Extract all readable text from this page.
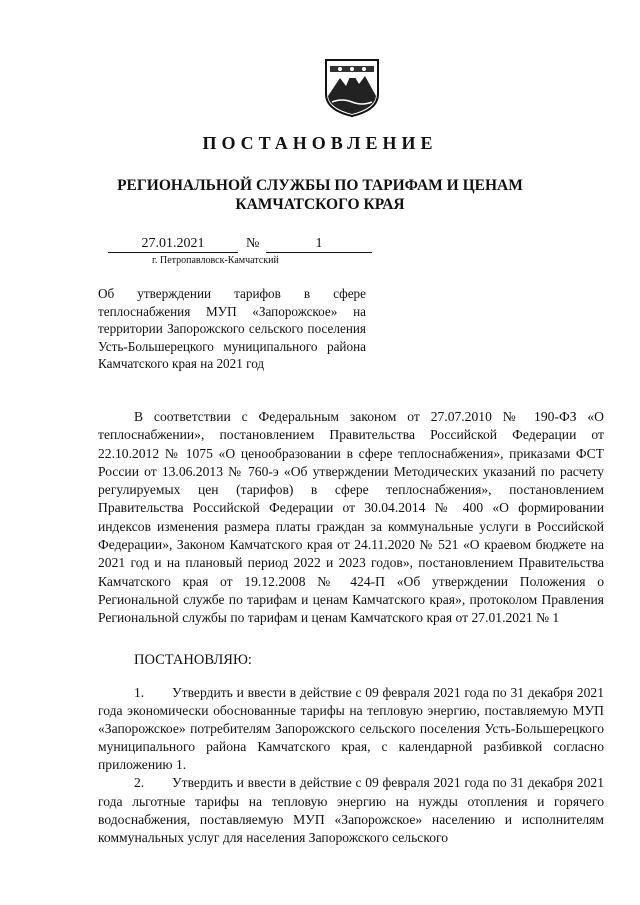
ПОСТАНОВЛЕНИЕ
РЕГИОНАЛЬНОЙ СЛУЖБЫ ПО ТАРИФАМ И ЦЕНАМ
КАМЧАТСКОГО КРАЯ
27.01.2021	№	1
г. Петропавловск-Камчатский
Об утверждении тарифов в сфере теплоснабжения МУП «Запорожское» на территории Запорожского сельского поселения Усть-Большерецкого муниципального района Камчатского края на 2021 год

В соответствии с Федеральным законом от 27.07.2010 № 190-ФЗ «О теплоснабжении», постановлением Правительства Российской Федерации от 22.10.2012 № 1075 «О ценообразовании в сфере теплоснабжения», приказами ФСТ России от 13.06.2013 № 760-э «Об утверждении Методических указаний по расчету регулируемых цен (тарифов) в сфере теплоснабжения», постановлением Правительства Российской Федерации от 30.04.2014 № 400 «О формировании индексов изменения размера платы граждан за коммунальные услуги в Российской Федерации», Законом Камчатского края от 24.11.2020 № 521 «О краевом бюджете на 2021 год и на плановый период 2022 и 2023 годов», постановлением Правительства Камчатского края от 19.12.2008 № 424-П «Об утверждении Положения о Региональной службе по тарифам и ценам Камчатского края», протоколом Правления Региональной службы по тарифам и ценам Камчатского края от 27.01.2021 № 1

ПОСТАНОВЛЯЮ:

1. Утвердить и ввести в действие с 09 февраля 2021 года по 31 декабря 2021 года экономически обоснованные тарифы на тепловую энергию, поставляемую МУП «Запорожское» потребителям Запорожского сельского поселения Усть-Большерецкого муниципального района Камчатского края, с календарной разбивкой согласно приложению 1.

2. Утвердить и ввести в действие с 09 февраля 2021 года по 31 декабря 2021 года льготные тарифы на тепловую энергию на нужды отопления и горячего водоснабжения, поставляемую МУП «Запорожское» населению и исполнителям коммунальных услуг для населения Запорожского сельского
